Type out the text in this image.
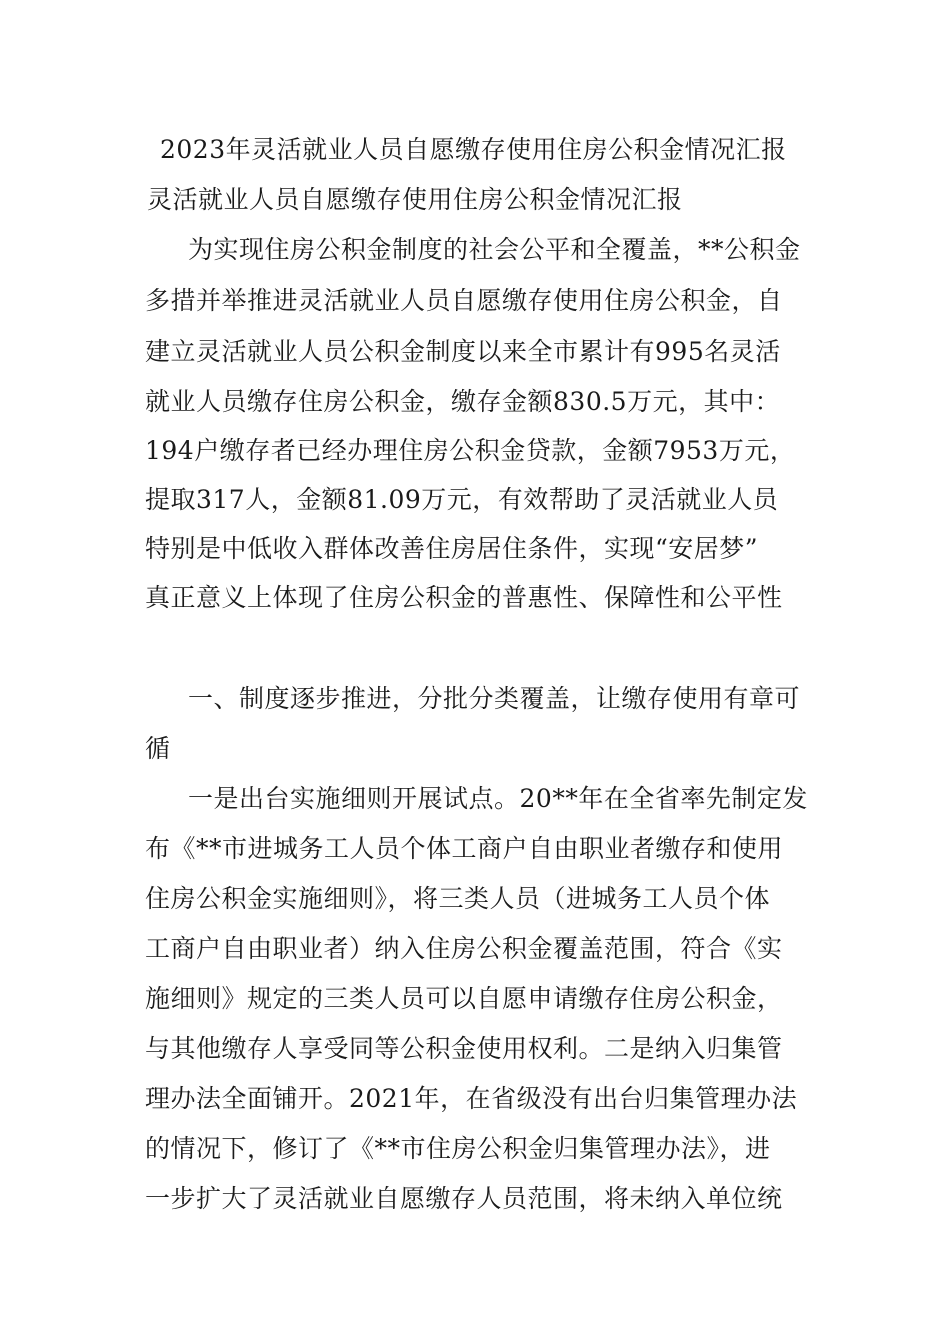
2023年灵活就业人员自愿缴存使用住房公积金情况汇报
灵活就业人员自愿缴存使用住房公积金情况汇报
为实现住房公积金制度的社会公平和全覆盖，**公积金
多措并举推进灵活就业人员自愿缴存使用住房公积金，自
建立灵活就业人员公积金制度以来全市累计有995名灵活
就业人员缴存住房公积金，缴存金额830.5万元，其中：
194户缴存者已经办理住房公积金贷款，金额7953万元，
提取317人，金额81.09万元，有效帮助了灵活就业人员
特别是中低收入群体改善住房居住条件，实现“安居梦”
真正意义上体现了住房公积金的普惠性、保障性和公平性
一、制度逐步推进，分批分类覆盖，让缴存使用有章可
循
一是出台实施细则开展试点。20**年在全省率先制定发
布《**市进城务工人员个体工商户自由职业者缴存和使用
住房公积金实施细则》，将三类人员（进城务工人员个体
工商户自由职业者）纳入住房公积金覆盖范围，符合《实
施细则》规定的三类人员可以自愿申请缴存住房公积金，
与其他缴存人享受同等公积金使用权利。二是纳入归集管
理办法全面铺开。2021年，在省级没有出台归集管理办法
的情况下，修订了《**市住房公积金归集管理办法》，进
一步扩大了灵活就业自愿缴存人员范围，将未纳入单位统
